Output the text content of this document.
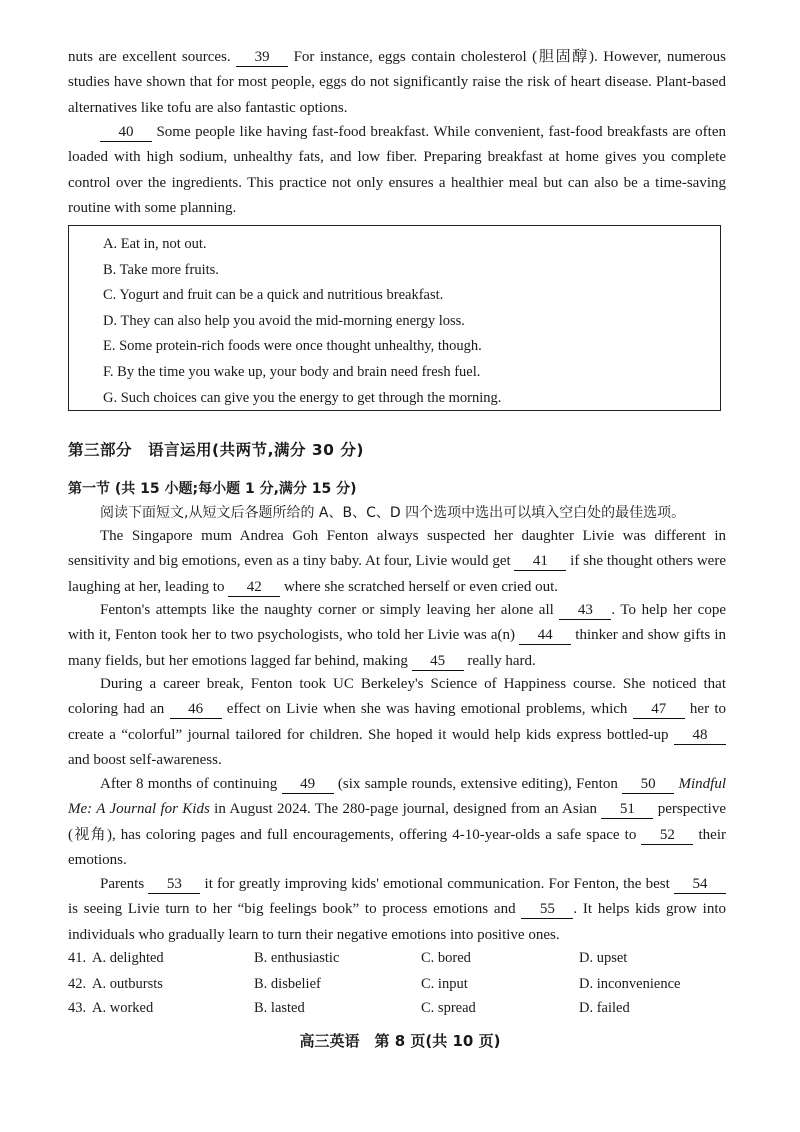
nuts are excellent sources. 39 For instance, eggs contain cholesterol (胆固醇). However, numerous studies have shown that for most people, eggs do not significantly raise the risk of heart disease. Plant-based alternatives like tofu are also fantastic options.

40 Some people like having fast-food breakfast. While convenient, fast-food breakfasts are often loaded with high sodium, unhealthy fats, and low fiber. Preparing breakfast at home gives you complete control over the ingredients. This practice not only ensures a healthier meal but can also be a time-saving routine with some planning.

A. Eat in, not out.
B. Take more fruits.
C. Yogurt and fruit can be a quick and nutritious breakfast.
D. They can also help you avoid the mid-morning energy loss.
E. Some protein-rich foods were once thought unhealthy, though.
F. By the time you wake up, your body and brain need fresh fuel.
G. Such choices can give you the energy to get through the morning.
第三部分　语言运用(共两节,满分 30 分)
第一节 (共 15 小题;每小题 1 分,满分 15 分)
阅读下面短文,从短文后各题所给的 A、B、C、D 四个选项中选出可以填入空白处的最佳选项。

The Singapore mum Andrea Goh Fenton always suspected her daughter Livie was different in sensitivity and big emotions, even as a tiny baby. At four, Livie would get 41 if she thought others were laughing at her, leading to 42 where she scratched herself or even cried out.

Fenton's attempts like the naughty corner or simply leaving her alone all 43 . To help her cope with it, Fenton took her to two psychologists, who told her Livie was a(n) 44 thinker and show gifts in many fields, but her emotions lagged far behind, making 45 really hard.

During a career break, Fenton took UC Berkeley's Science of Happiness course. She noticed that coloring had an 46 effect on Livie when she was having emotional problems, which 47 her to create a “colorful” journal tailored for children. She hoped it would help kids express bottled-up 48 and boost self-awareness.

After 8 months of continuing 49 (six sample rounds, extensive editing), Fenton 50 Mindful Me: A Journal for Kids in August 2024. The 280-page journal, designed from an Asian 51 perspective (视角), has coloring pages and full encouragements, offering 4-10-year-olds a safe space to 52 their emotions.

Parents 53 it for greatly improving kids' emotional communication. For Fenton, the best 54 is seeing Livie turn to her “big feelings book” to process emotions and 55 . It helps kids grow into individuals who gradually learn to turn their negative emotions into positive ones.

41. A. delighted	B. enthusiastic	C. bored	D. upset
42. A. outbursts	B. disbelief	C. input	D. inconvenience
43. A. worked	B. lasted	C. spread	D. failed
高三英语　第 8 页(共 10 页)
